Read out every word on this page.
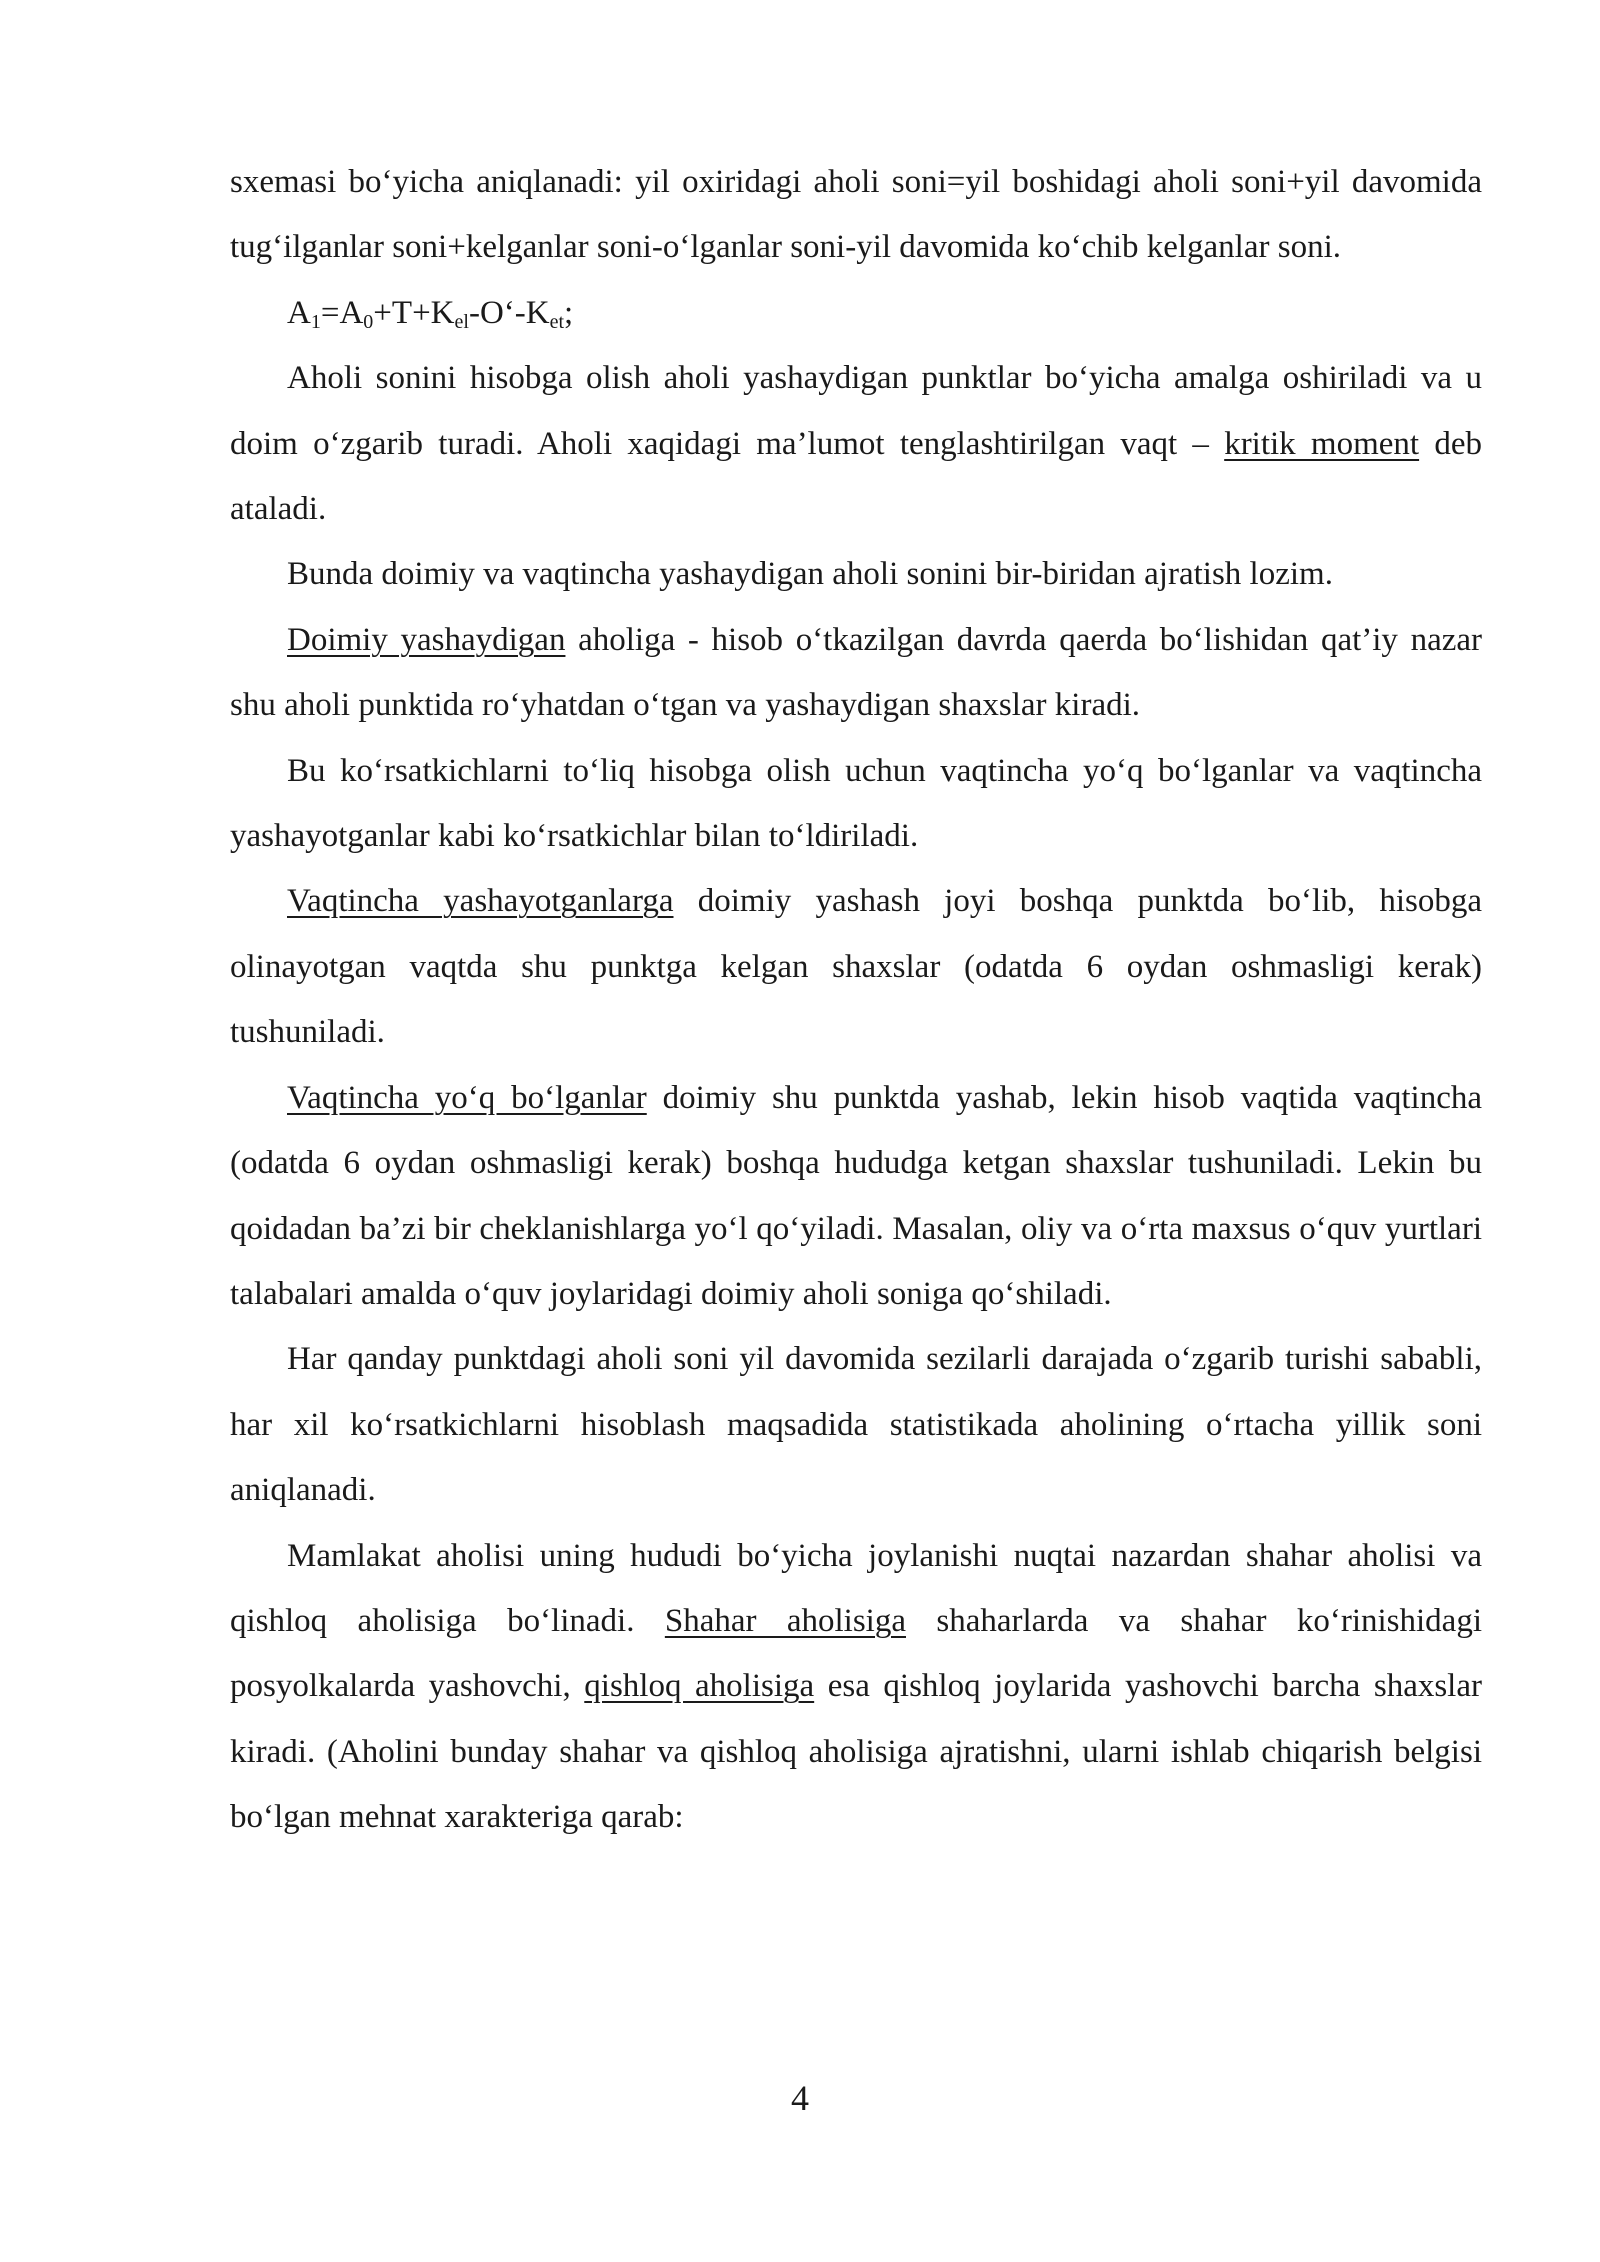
sxemasi bo‘yicha aniqlanadi: yil oxiridagi aholi soni=yil boshidagi aholi soni+yil davomida tug‘ilganlar soni+kelganlar soni-o‘lganlar soni-yil davomida ko‘chib kelganlar soni.

$A_1=A_0+T+K_{el}-O‘-K_{et}$;

Aholi sonini hisobga olish aholi yashaydigan punktlar bo‘yicha amalga oshiriladi va u doim o‘zgarib turadi. Aholi xaqidagi ma’lumot tenglashtirilgan vaqt – kritik moment deb ataladi.

Bunda doimiy va vaqtincha yashaydigan aholi sonini bir-biridan ajratish lozim.

Doimiy yashaydigan aholiga - hisob o‘tkazilgan davrda qaerda bo‘lishidan qat’iy nazar shu aholi punktida ro‘yhatdan o‘tgan va yashaydigan shaxslar kiradi.

Bu ko‘rsatkichlarni to‘liq hisobga olish uchun vaqtincha yo‘q bo‘lganlar va vaqtincha yashayotganlar kabi ko‘rsatkichlar bilan to‘ldiriladi.

Vaqtincha yashayotganlarga doimiy yashash joyi boshqa punktda bo‘lib, hisobga olinayotgan vaqtda shu punktga kelgan shaxslar (odatda 6 oydan oshmasligi kerak) tushuniladi.

Vaqtincha yo‘q bo‘lganlar doimiy shu punktda yashab, lekin hisob vaqtida vaqtincha (odatda 6 oydan oshmasligi kerak) boshqa hududga ketgan shaxslar tushuniladi. Lekin bu qoidadan ba’zi bir cheklanishlarga yo‘l qo‘yiladi. Masalan, oliy va o‘rta maxsus o‘quv yurtlari talabalari amalda o‘quv joylaridagi doimiy aholi soniga qo‘shiladi.

Har qanday punktdagi aholi soni yil davomida sezilarli darajada o‘zgarib turishi sababli, har xil ko‘rsatkichlarni hisoblash maqsadida statistikada aholining o‘rtacha yillik soni aniqlanadi.

Mamlakat aholisi uning hududi bo‘yicha joylanishi nuqtai nazardan shahar aholisi va qishloq aholisiga bo‘linadi. Shahar aholisiga shaharlarda va shahar ko‘rinishidagi posyolkalarda yashovchi, qishloq aholisiga esa qishloq joylarida yashovchi barcha shaxslar kiradi. (Aholini bunday shahar va qishloq aholisiga ajratishni, ularni ishlab chiqarish belgisi bo‘lgan mehnat xarakteriga qarab:

4
